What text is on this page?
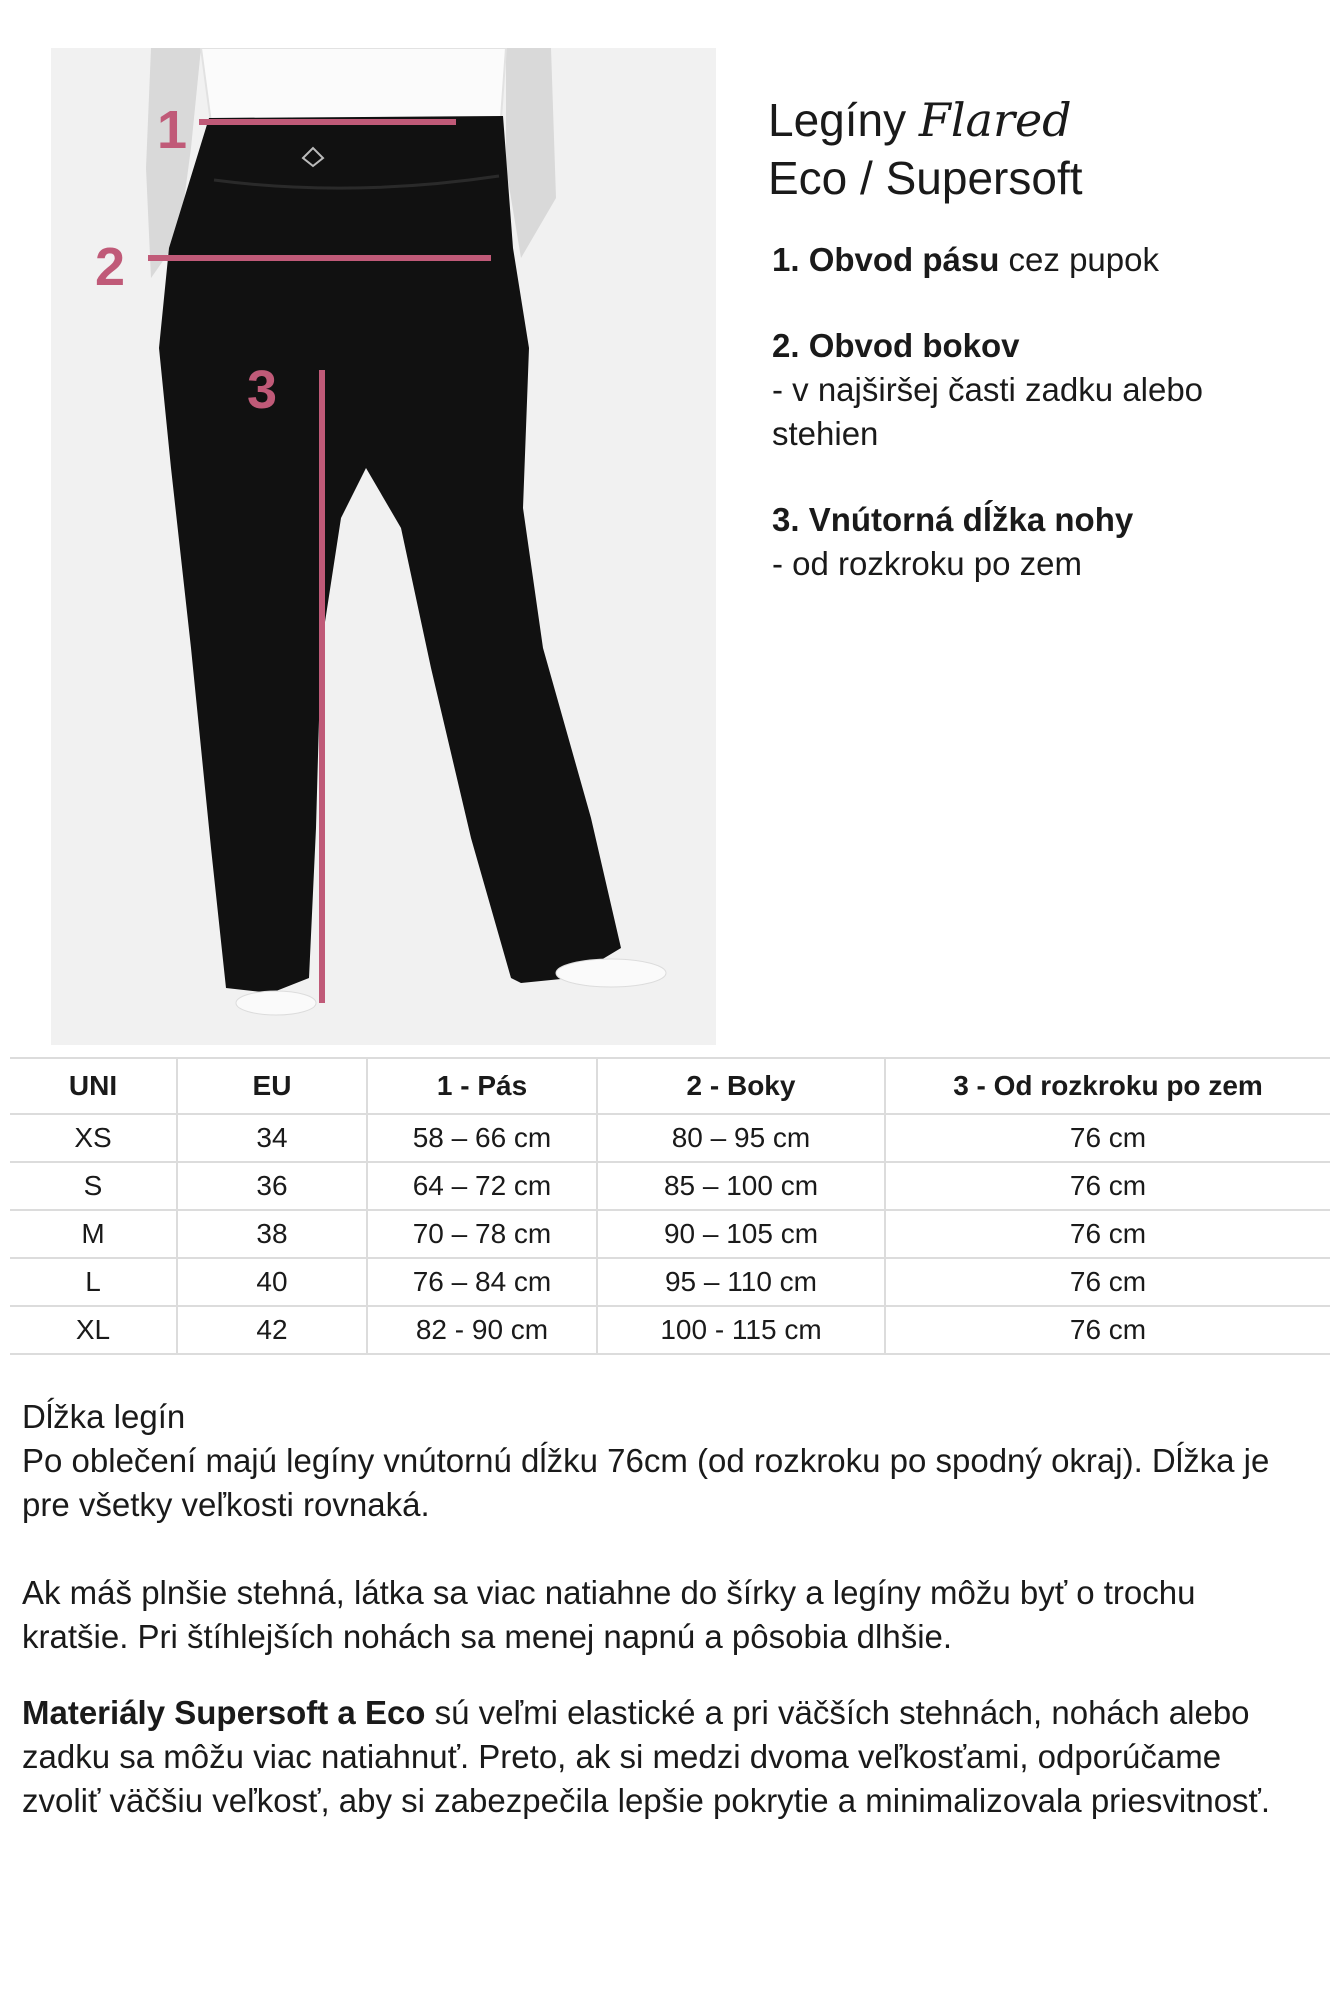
1
2
3
Legíny Flared
Eco / Supersoft
1. Obvod pásu cez pupok
2. Obvod bokov
- v najširšej časti zadku alebo stehien
3. Vnútorná dĺžka nohy
- od rozkroku po zem
UNI	EU	1 - Pás	2 - Boky	3 - Od rozkroku po zem
XS	34	58 – 66 cm	80 – 95 cm	76 cm
S	36	64 – 72 cm	85 – 100 cm	76 cm
M	38	70 – 78 cm	90 – 105 cm	76 cm
L	40	76 – 84 cm	95 – 110 cm	76 cm
XL	42	82 - 90 cm	100 - 115 cm	76 cm

Dĺžka legín

Po oblečení majú legíny vnútornú dĺžku 76cm (od rozkroku po spodný okraj). Dĺžka je pre všetky veľkosti rovnaká.

Ak máš plnšie stehná, látka sa viac natiahne do šírky a legíny môžu byť o trochu kratšie. Pri štíhlejších nohách sa menej napnú a pôsobia dlhšie.

Materiály Supersoft a Eco sú veľmi elastické a pri väčších stehnách, nohách alebo zadku sa môžu viac natiahnuť. Preto, ak si medzi dvoma veľkosťami, odporúčame zvoliť väčšiu veľkosť, aby si zabezpečila lepšie pokrytie a minimalizovala priesvitnosť.
